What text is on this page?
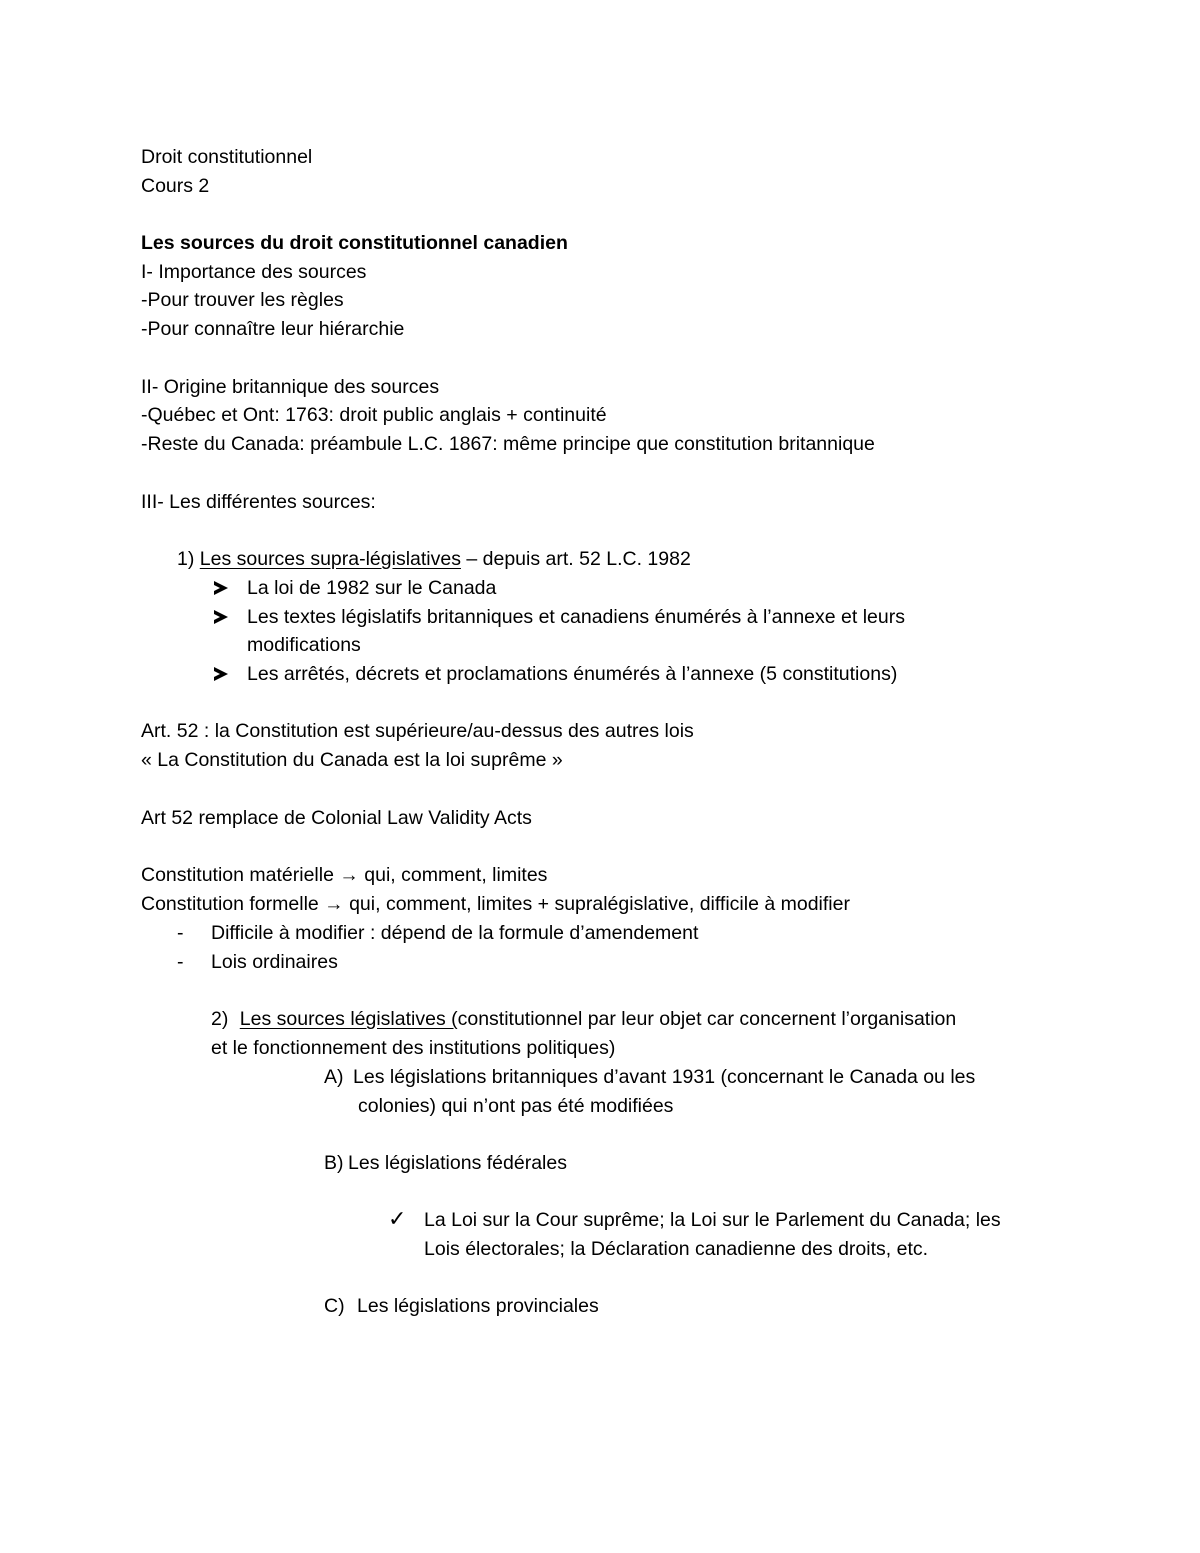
Droit constitutionnel
Cours 2
Les sources du droit constitutionnel canadien
I- Importance des sources
-Pour trouver les règles
-Pour connaître leur hiérarchie
II- Origine britannique des sources
-Québec et Ont: 1763: droit public anglais + continuité
-Reste du Canada: préambule L.C. 1867: même principe que constitution britannique
III- Les différentes sources:
1) Les sources supra-législatives – depuis art. 52 L.C. 1982
La loi de 1982 sur le Canada
Les textes législatifs britanniques et canadiens énumérés à l’annexe et leurs
modifications
Les arrêtés, décrets et proclamations énumérés à l’annexe (5 constitutions)
Art. 52 : la Constitution est supérieure/au-dessus des autres lois
« La Constitution du Canada est la loi suprême »
Art 52 remplace de Colonial Law Validity Acts
Constitution matérielle → qui, comment, limites
Constitution formelle → qui, comment, limites + supralégislative, difficile à modifier
- Difficile à modifier : dépend de la formule d’amendement
- Lois ordinaires
2) Les sources législatives (constitutionnel par leur objet car concernent l’organisation
et le fonctionnement des institutions politiques)
A) Les législations britanniques d’avant 1931 (concernant le Canada ou les
colonies) qui n’ont pas été modifiées
B) Les législations fédérales
✓ La Loi sur la Cour suprême; la Loi sur le Parlement du Canada; les
Lois électorales; la Déclaration canadienne des droits, etc.
C) Les législations provinciales
